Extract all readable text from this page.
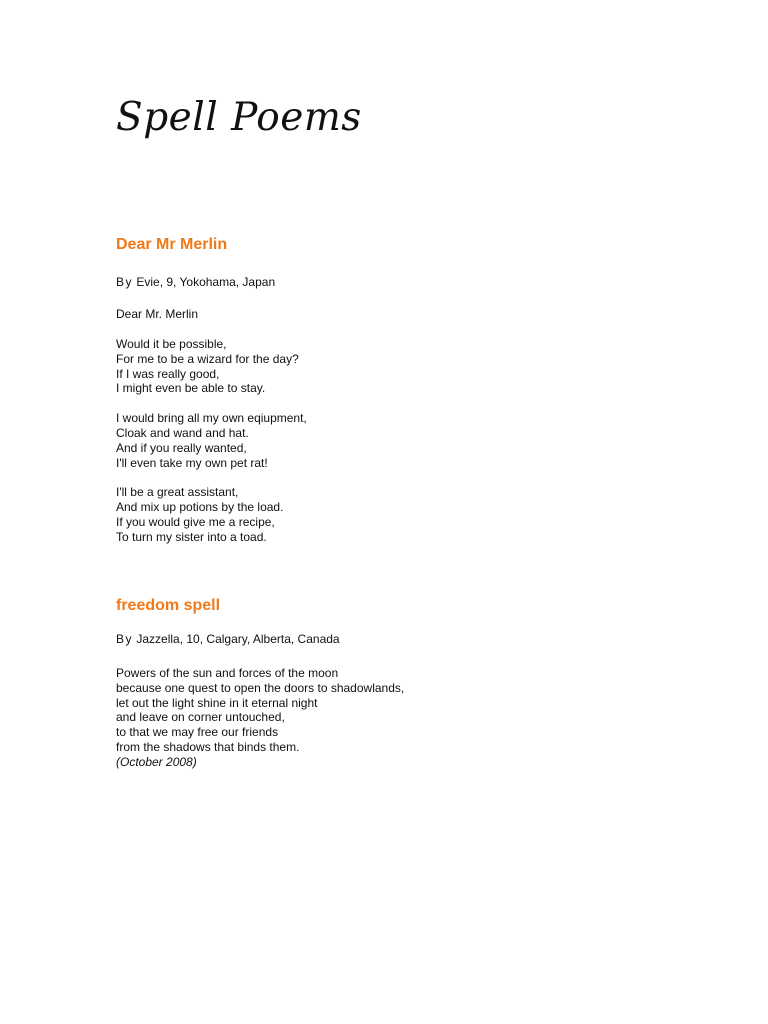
Spell Poems
Dear Mr Merlin

By Evie, 9, Yokohama, Japan

Dear Mr. Merlin

Would it be possible,

For me to be a wizard for the day?

If I was really good,

I might even be able to stay.

I would bring all my own eqiupment,

Cloak and wand and hat.

And if you really wanted,

I'll even take my own pet rat!

I'll be a great assistant,

And mix up potions by the load.

If you would give me a recipe,

To turn my sister into a toad.

freedom spell

By Jazzella, 10, Calgary, Alberta, Canada

Powers of the sun and forces of the moon

because one quest to open the doors to shadowlands,

let out the light shine in it eternal night

and leave on corner untouched,

to that we may free our friends

from the shadows that binds them.

(October 2008)
